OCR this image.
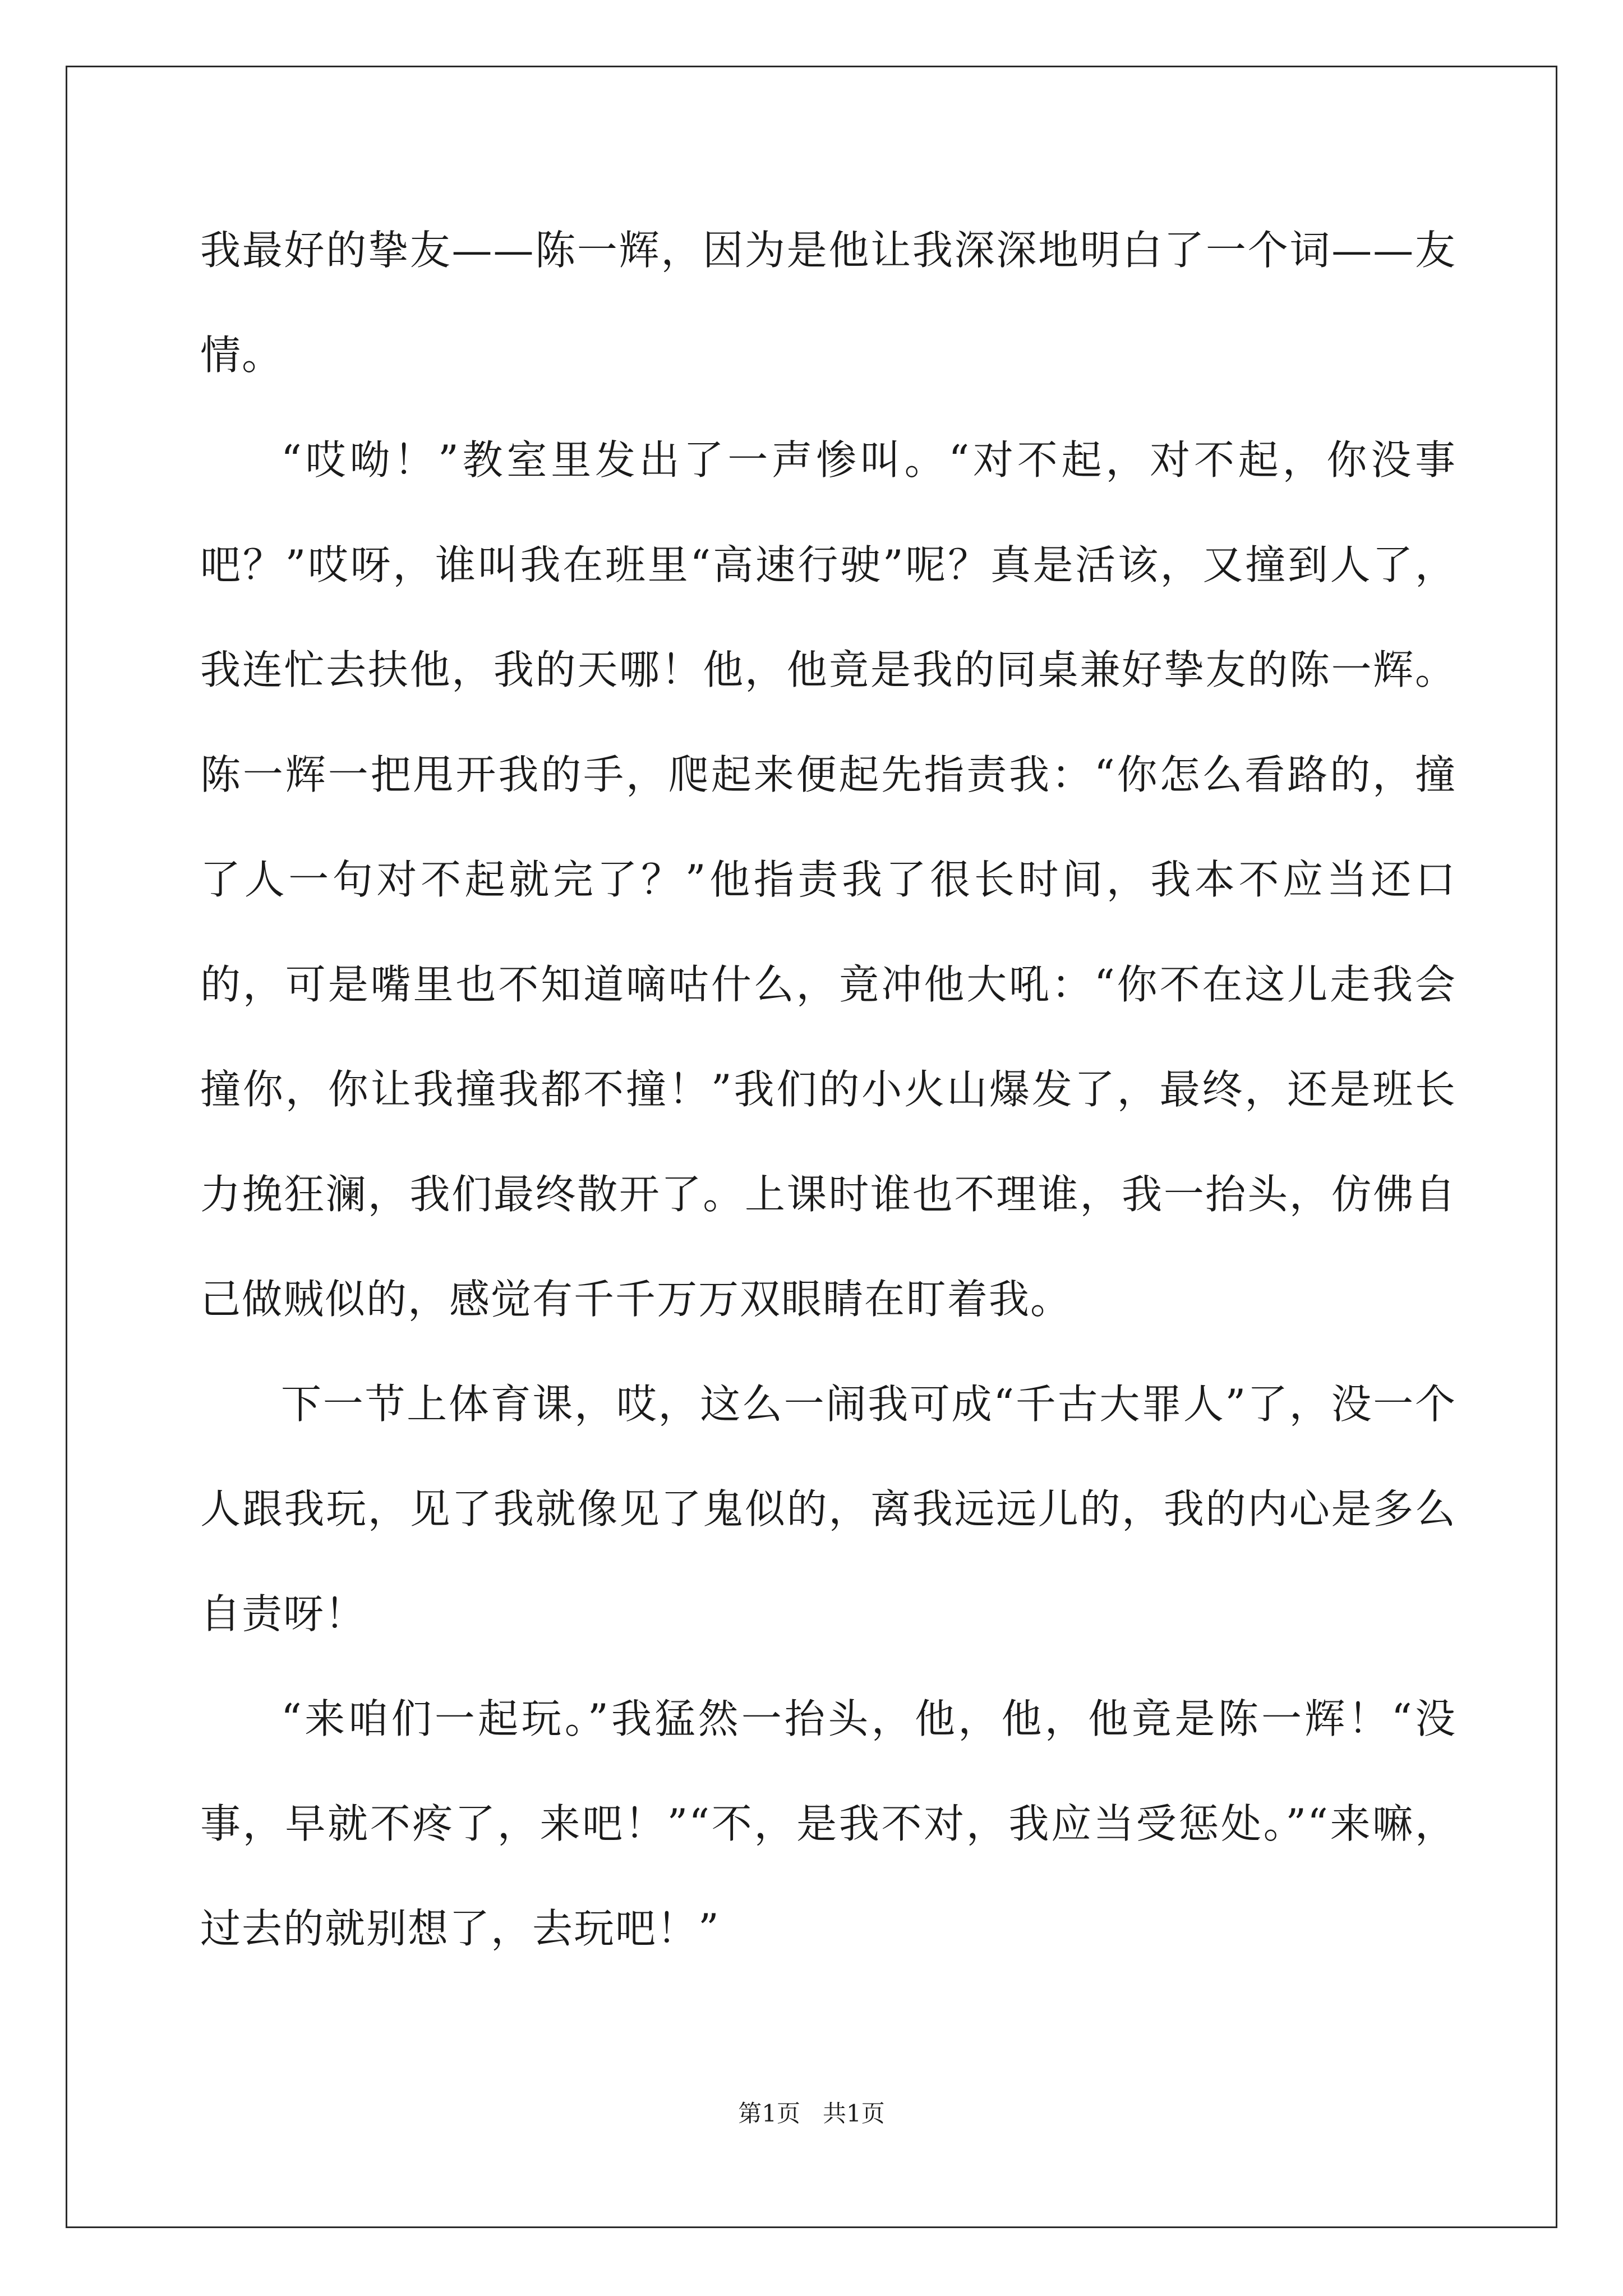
我最好的挚友——陈一辉，因为是他让我深深地明白了一个词——友情。

“哎呦！”教室里发出了一声惨叫。“对不起，对不起，你没事吧？”哎呀，谁叫我在班里“高速行驶”呢？真是活该，又撞到人了，我连忙去扶他，我的天哪！他，他竟是我的同桌兼好挚友的陈一辉。陈一辉一把甩开我的手，爬起来便起先指责我：“你怎么看路的，撞了人一句对不起就完了？”他指责我了很长时间，我本不应当还口的，可是嘴里也不知道嘀咕什么，竟冲他大吼：“你不在这儿走我会撞你，你让我撞我都不撞！”我们的小火山爆发了，最终，还是班长力挽狂澜，我们最终散开了。上课时谁也不理谁，我一抬头，仿佛自己做贼似的，感觉有千千万万双眼睛在盯着我。

下一节上体育课，哎，这么一闹我可成“千古大罪人”了，没一个人跟我玩，见了我就像见了鬼似的，离我远远儿的，我的内心是多么自责呀！

“来咱们一起玩。”我猛然一抬头，他，他，他竟是陈一辉！“没事，早就不疼了，来吧！”“不，是我不对，我应当受惩处。”“来嘛，过去的就别想了，去玩吧！”

第1页 共1页
